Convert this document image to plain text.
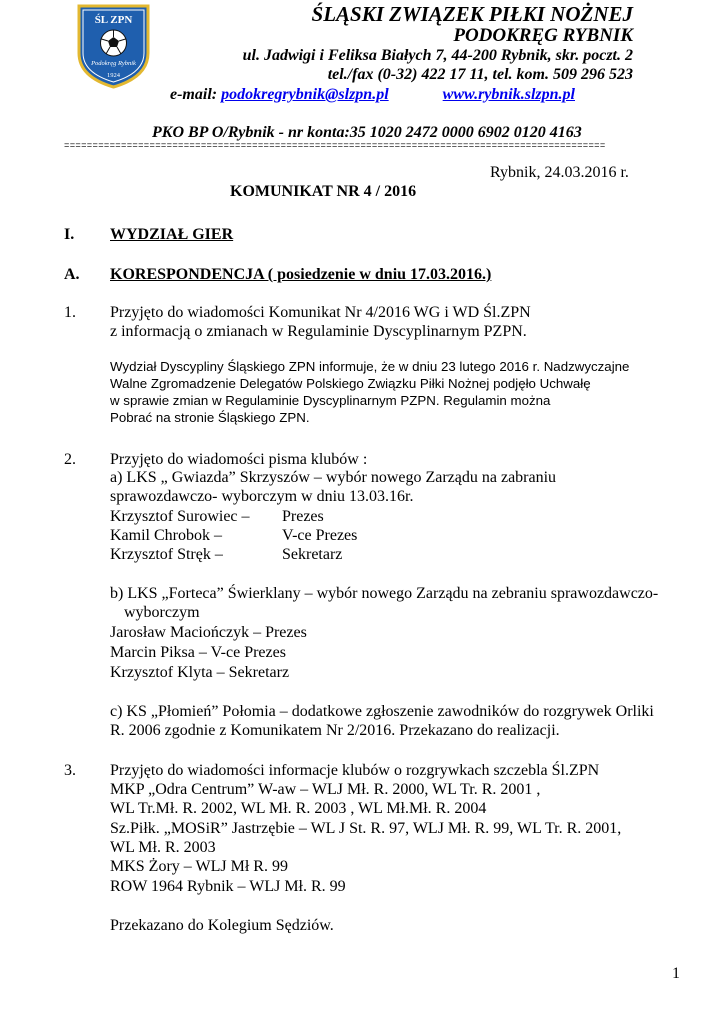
ŚL ZPN
Podokręg Rybnik
1924
ŚLĄSKI ZWIĄZEK PIŁKI NOŻNEJ
PODOKRĘG RYBNIK
ul. Jadwigi i Feliksa Białych 7, 44-200 Rybnik, skr. poczt. 2
tel./fax (0-32) 422 17 11, tel. kom. 509 296 523
e-mail: podokregrybnik@slzpn.pl	www.rybnik.slzpn.pl
PKO BP O/Rybnik - nr konta:35 1020 2472 0000 6902 0120 4163
===============================================================================================
Rybnik, 24.03.2016 r.
KOMUNIKAT NR 4 / 2016
I. WYDZIAŁ GIER
A. KORESPONDENCJA ( posiedzenie w dniu 17.03.2016.)
1. Przyjęto do wiadomości Komunikat Nr 4/2016 WG i WD Śl.ZPN
z informacją o zmianach w Regulaminie Dyscyplinarnym PZPN.
Wydział Dyscypliny Śląskiego ZPN informuje, że w dniu 23 lutego 2016 r. Nadzwyczajne
Walne Zgromadzenie Delegatów Polskiego Związku Piłki Nożnej podjęło Uchwałę
w sprawie zmian w Regulaminie Dyscyplinarnym PZPN. Regulamin można
Pobrać na stronie Śląskiego ZPN.
2. Przyjęto do wiadomości pisma klubów :
a) LKS „ Gwiazda” Skrzyszów – wybór nowego Zarządu na zabraniu
sprawozdawczo- wyborczym w dniu 13.03.16r.
Krzysztof Surowiec – Prezes
Kamil Chrobok –	V-ce Prezes
Krzysztof Stręk –	Sekretarz
b) LKS „Forteca” Świerklany – wybór nowego Zarządu na zebraniu sprawozdawczo-
wyborczym
Jarosław Maciończyk – Prezes
Marcin Piksa – V-ce Prezes
Krzysztof Klyta – Sekretarz
c) KS „Płomień” Połomia – dodatkowe zgłoszenie zawodników do rozgrywek Orliki
R. 2006 zgodnie z Komunikatem Nr 2/2016. Przekazano do realizacji.
3. Przyjęto do wiadomości informacje klubów o rozgrywkach szczebla Śl.ZPN
MKP „Odra Centrum” W-aw – WLJ Mł. R. 2000, WL Tr. R. 2001 ,
WL Tr.Mł. R. 2002, WL Mł. R. 2003 , WL Mł.Mł. R. 2004
Sz.Piłk. „MOSiR” Jastrzębie – WL J St. R. 97, WLJ Mł. R. 99, WL Tr. R. 2001,
WL Mł. R. 2003
MKS Żory – WLJ Mł R. 99
ROW 1964 Rybnik – WLJ Mł. R. 99
Przekazano do Kolegium Sędziów.
1
